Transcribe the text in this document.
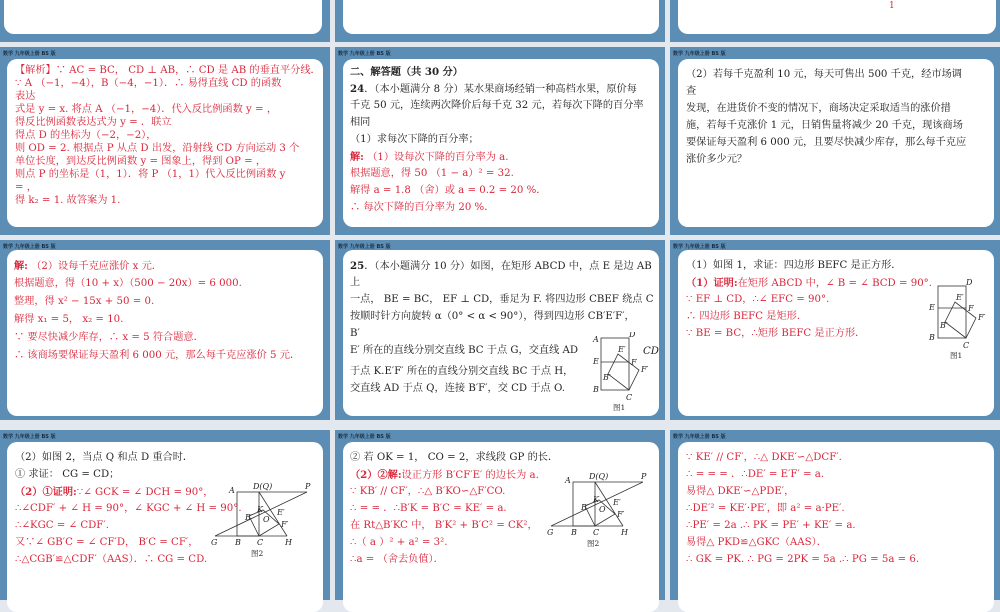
1
数学 九年级上册 BS 版
【解析】∵ AC = BC， CD ⊥ AB，∴ CD 是 AB 的垂直平分线．
∵ A （−1，−4），B（−4，−1）．∴ 易得直线 CD 的函数
表达
式是 y = x. 将点 A （−1，−4）．代入反比例函数 y = ，
得反比例函数表达式为 y = ．联立
得点 D 的坐标为（−2，−2），
则 OD = 2. 根据点 P 从点 D 出发，沿射线 CD 方向运动 3 个
单位长度，到达反比例函数 y = 图象上，得到 OP = ，
则点 P 的坐标是（1，1）．将 P （1，1）代入反比例函数 y
= ，
得 k₂ = 1. 故答案为 1.
数学 九年级上册 BS 版
二、解答题（共 30 分）
24．（本小题满分 8 分）某水果商场经销一种高档水果，原价每
千克 50 元，连续两次降价后每千克 32 元，若每次下降的百分率
相同
（1）求每次下降的百分率；
解: （1）设每次下降的百分率为 a.
根据题意，得 50 （1 − a）² = 32.
解得 a = 1.8 （舍）或 a = 0.2 = 20 %．
∴ 每次下降的百分率为 20 %．
数学 九年级上册 BS 版
（2）若每千克盈利 10 元，每天可售出 500 千克，经市场调
查
发现，在进货价不变的情况下，商场决定采取适当的涨价措
施，若每千克涨价 1 元，日销售量将减少 20 千克，现该商场
要保证每天盈利 6 000 元，且要尽快减少库存，那么每千克应
涨价多少元？
数学 九年级上册 BS 版
解: （2）设每千克应涨价 x 元．
根据题意，得（10 + x）（500 − 20x）= 6 000.
整理，得 x² − 15x + 50 = 0.
解得 x₁ = 5， x₂ = 10.
∵ 要尽快减少库存，∴ x = 5 符合题意．
∴ 该商场要保证每天盈利 6 000 元，那么每千克应涨价 5 元．
数学 九年级上册 BS 版
25．（本小题满分 10 分）如图，在矩形 ABCD 中，点 E 是边 AB
上
一点， BE = BC， EF ⊥ CD，垂足为 F. 将四边形 CBEF 绕点 C
按顺时针方向旋转 α（0° < α < 90°），得到四边形 CB′E′F′，
B′
E′ 所在的直线分别交直线 BC 于点 G，交直线 AD
于点 K.E′F′ 所在的直线分别交直线 BC 于点 H，
交直线 AD 于点 Q，连接 B′F′，交 CD 于点 O.
CD
A
D
E	F
E′
F′
B′
B
C
图1
数学 九年级上册 BS 版
（1）如图 1，求证：四边形 BEFC 是正方形．
（1）证明:在矩形 ABCD 中，∠ B = ∠ BCD = 90°.
∵ EF ⊥ CD，∴∠ EFC = 90°.
∴ 四边形 BEFC 是矩形．
∵ BE = BC，∴矩形 BEFC 是正方形．
D
E	F
E′
F′
B′
B
C
图1
数学 九年级上册 BS 版
（2）如图 2，当点 Q 和点 D 重合时．
① 求证： CG = CD；
（2）①证明:∵∠ GCK = ∠ DCH = 90°，
∴∠CDF′ + ∠ H = 90°，∠ KGC + ∠ H = 90°.
∴∠KGC = ∠ CDF′.
又∵∠ GB′C = ∠ CF′D， B′C = CF′，
∴△CGB′≌△CDF′（AAS）．∴ CG = CD.
A D(Q)	P
K E′
B′ O
F′
G B C	H
图2
数学 九年级上册 BS 版
② 若 OK = 1， CO = 2，求线段 GP 的长．
（2）②解:设正方形 B′CF′E′ 的边长为 a.
∵ KB′ // CF′，∴△ B′KO∽△F′CO.
∴ = = ．∴B′K = B′C = KE′ = a.
在 Rt△B′KC 中， B′K² + B′C² = CK²，
∴（ a ）² + a² = 3².
∴a = （舍去负值）．
A D(Q)	P
K E′
B′ O
F′
G B C	H
图2
数学 九年级上册 BS 版
∵ KE′ // CF′，∴△ DKE′∽△DCF′.
∴ = = = ．∴DE′ = E′F′ = a.
易得△ DKE′∽△PDE′，
∴DE′² = KE′·PE′，即 a² = a·PE′.
∴PE′ = 2a .∴ PK = PE′ + KE′ = a.
易得△ PKD≌△GKC（AAS）．
∴ GK = PK. ∴ PG = 2PK = 5a .∴ PG = 5a = 6.
